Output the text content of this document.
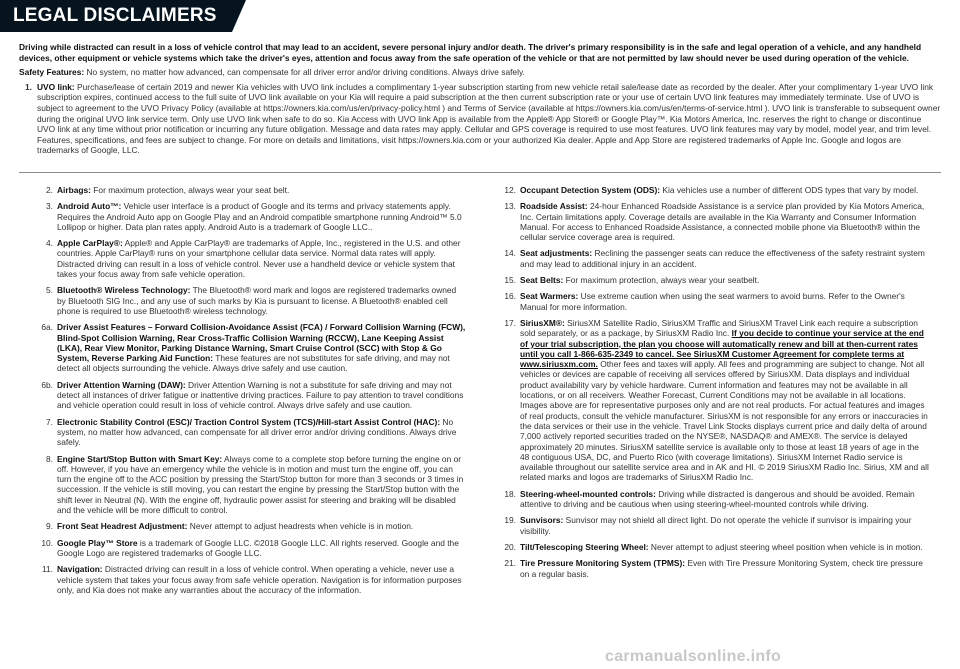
LEGAL DISCLAIMERS

Driving while distracted can result in a loss of vehicle control that may lead to an accident, severe personal injury and/or death. The driver's primary responsibility is in the safe and legal operation of a vehicle, and any handheld devices, other equipment or vehicle systems which take the driver's eyes, attention and focus away from the safe operation of the vehicle or that are not permitted by law should never be used during operation of the vehicle.

Safety Features: No system, no matter how advanced, can compensate for all driver error and/or driving conditions. Always drive safely.

1. UVO link: Purchase/lease of certain 2019 and newer Kia vehicles with UVO link includes a complimentary 1-year subscription starting from new vehicle retail sale/lease date as recorded by the dealer. After your complimentary 1-year UVO link subscription expires, continued access to the full suite of UVO link available on your Kia will require a paid subscription at the then current subscription rate or your use of certain UVO link features may immediately terminate. Use of UVO is subject to agreement to the UVO Privacy Policy (available at https://owners.kia.com/us/en/privacy-policy.html ) and Terms of Service (available at https://owners.kia.com/us/en/terms-of-service.html ). UVO link is transferable to subsequent owner during the original UVO link service term. Only use UVO link when safe to do so. Kia Access with UVO link App is available from the Apple® App Store® or Google Play™. Kia Motors America, Inc. reserves the right to change or discontinue UVO link at any time without prior notification or incurring any future obligation. Message and data rates may apply. Cellular and GPS coverage is required to use most features. UVO link features may vary by model, model year, and trim level. Features, specifications, and fees are subject to change. For more on details and limitations, visit https://owners.kia.com or your authorized Kia dealer. Apple and App Store are registered trademarks of Apple Inc. Google and logos are trademarks of Google, LLC.
2. Airbags: For maximum protection, always wear your seat belt.
3. Android Auto™: Vehicle user interface is a product of Google and its terms and privacy statements apply. Requires the Android Auto app on Google Play and an Android compatible smartphone running Android™ 5.0 Lollipop or higher. Data plan rates apply. Android Auto is a trademark of Google LLC..
4. Apple CarPlay®: Apple® and Apple CarPlay® are trademarks of Apple, Inc., registered in the U.S. and other countries. Apple CarPlay® runs on your smartphone cellular data service. Normal data rates will apply. Distracted driving can result in a loss of vehicle control. Never use a handheld device or vehicle system that takes your focus away from safe vehicle operation.
5. Bluetooth® Wireless Technology: The Bluetooth® word mark and logos are registered trademarks owned by Bluetooth SIG Inc., and any use of such marks by Kia is pursuant to license. A Bluetooth® enabled cell phone is required to use Bluetooth® wireless technology.
6a. Driver Assist Features – Forward Collision-Avoidance Assist (FCA) / Forward Collision Warning (FCW), Blind-Spot Collision Warning, Rear Cross-Traffic Collision Warning (RCCW), Lane Keeping Assist (LKA), Rear View Monitor, Parking Distance Warning, Smart Cruise Control (SCC) with Stop & Go System, Reverse Parking Aid Function: These features are not substitutes for safe driving, and may not detect all objects surrounding the vehicle. Always drive safely and use caution.
6b. Driver Attention Warning (DAW): Driver Attention Warning is not a substitute for safe driving and may not detect all instances of driver fatigue or inattentive driving practices. Failure to pay attention to travel conditions and vehicle operation could result in loss of vehicle control. Always drive safely and use caution.
7. Electronic Stability Control (ESC)/ Traction Control System (TCS)/Hill-start Assist Control (HAC): No system, no matter how advanced, can compensate for all driver error and/or driving conditions. Always drive safely.
8. Engine Start/Stop Button with Smart Key: Always come to a complete stop before turning the engine on or off. However, if you have an emergency while the vehicle is in motion and must turn the engine off, you can turn the engine off to the ACC position by pressing the Start/Stop button for more than 3 seconds or 3 times in succession. If the vehicle is still moving, you can restart the engine by pressing the Start/Stop button with the shift lever in Neutral (N). With the engine off, hydraulic power assist for steering and braking will be disabled and the vehicle will be more difficult to control.
9. Front Seat Headrest Adjustment: Never attempt to adjust headrests when vehicle is in motion.
10. Google Play™ Store is a trademark of Google LLC. ©2018 Google LLC. All rights reserved. Google and the Google Logo are registered trademarks of Google LLC.
11. Navigation: Distracted driving can result in a loss of vehicle control. When operating a vehicle, never use a vehicle system that takes your focus away from safe vehicle operation. Navigation is for information purposes only, and Kia does not make any warranties about the accuracy of the information.
12. Occupant Detection System (ODS): Kia vehicles use a number of different ODS types that vary by model.
13. Roadside Assist: 24-hour Enhanced Roadside Assistance is a service plan provided by Kia Motors America, Inc. Certain limitations apply. Coverage details are available in the Kia Warranty and Consumer Information Manual. For access to Enhanced Roadside Assistance, a connected mobile phone via Bluetooth® within the cellular service coverage area is required.
14. Seat adjustments: Reclining the passenger seats can reduce the effectiveness of the safety restraint system and may lead to additional injury in an accident.
15. Seat Belts: For maximum protection, always wear your seatbelt.
16. Seat Warmers: Use extreme caution when using the seat warmers to avoid burns. Refer to the Owner's Manual for more information.
17. SiriusXM®: SiriusXM Satellite Radio, SiriusXM Traffic and SiriusXM Travel Link each require a subscription sold separately, or as a package, by SiriusXM Radio Inc. If you decide to continue your service at the end of your trial subscription, the plan you choose will automatically renew and bill at then-current rates until you call 1-866-635-2349 to cancel. See SiriusXM Customer Agreement for complete terms at www.siriusxm.com. Other fees and taxes will apply. All fees and programming are subject to change. Not all vehicles or devices are capable of receiving all services offered by SiriusXM. Data displays and individual product availability vary by vehicle hardware. Current information and features may not be available in all locations, or on all receivers. Weather Forecast, Current Conditions may not be available in all locations. Images above are for representative purposes only and are not real products. For actual features and images of real products, consult the vehicle manufacturer. SiriusXM is not responsible for any errors or inaccuracies in the data services or their use in the vehicle. Travel Link Stocks displays current price and daily delta of around 7,000 actively reported securities traded on the NYSE®, NASDAQ® and AMEX®. The service is delayed approximately 20 minutes. SiriusXM satellite service is available only to those at least 18 years of age in the 48 contiguous USA, DC, and Puerto Rico (with coverage limitations). SiriusXM Internet Radio service is available throughout our satellite service area and in AK and HI. © 2019 SiriusXM Radio Inc. Sirius, XM and all related marks and logos are trademarks of SiriusXM Radio Inc.
18. Steering-wheel-mounted controls: Driving while distracted is dangerous and should be avoided. Remain attentive to driving and be cautious when using steering-wheel-mounted controls while driving.
19. Sunvisors: Sunvisor may not shield all direct light. Do not operate the vehicle if sunvisor is impairing your visibility.
20. Tilt/Telescoping Steering Wheel: Never attempt to adjust steering wheel position when vehicle is in motion.
21. Tire Pressure Monitoring System (TPMS): Even with Tire Pressure Monitoring System, check tire pressure on a regular basis.
carmanualsonline.info
